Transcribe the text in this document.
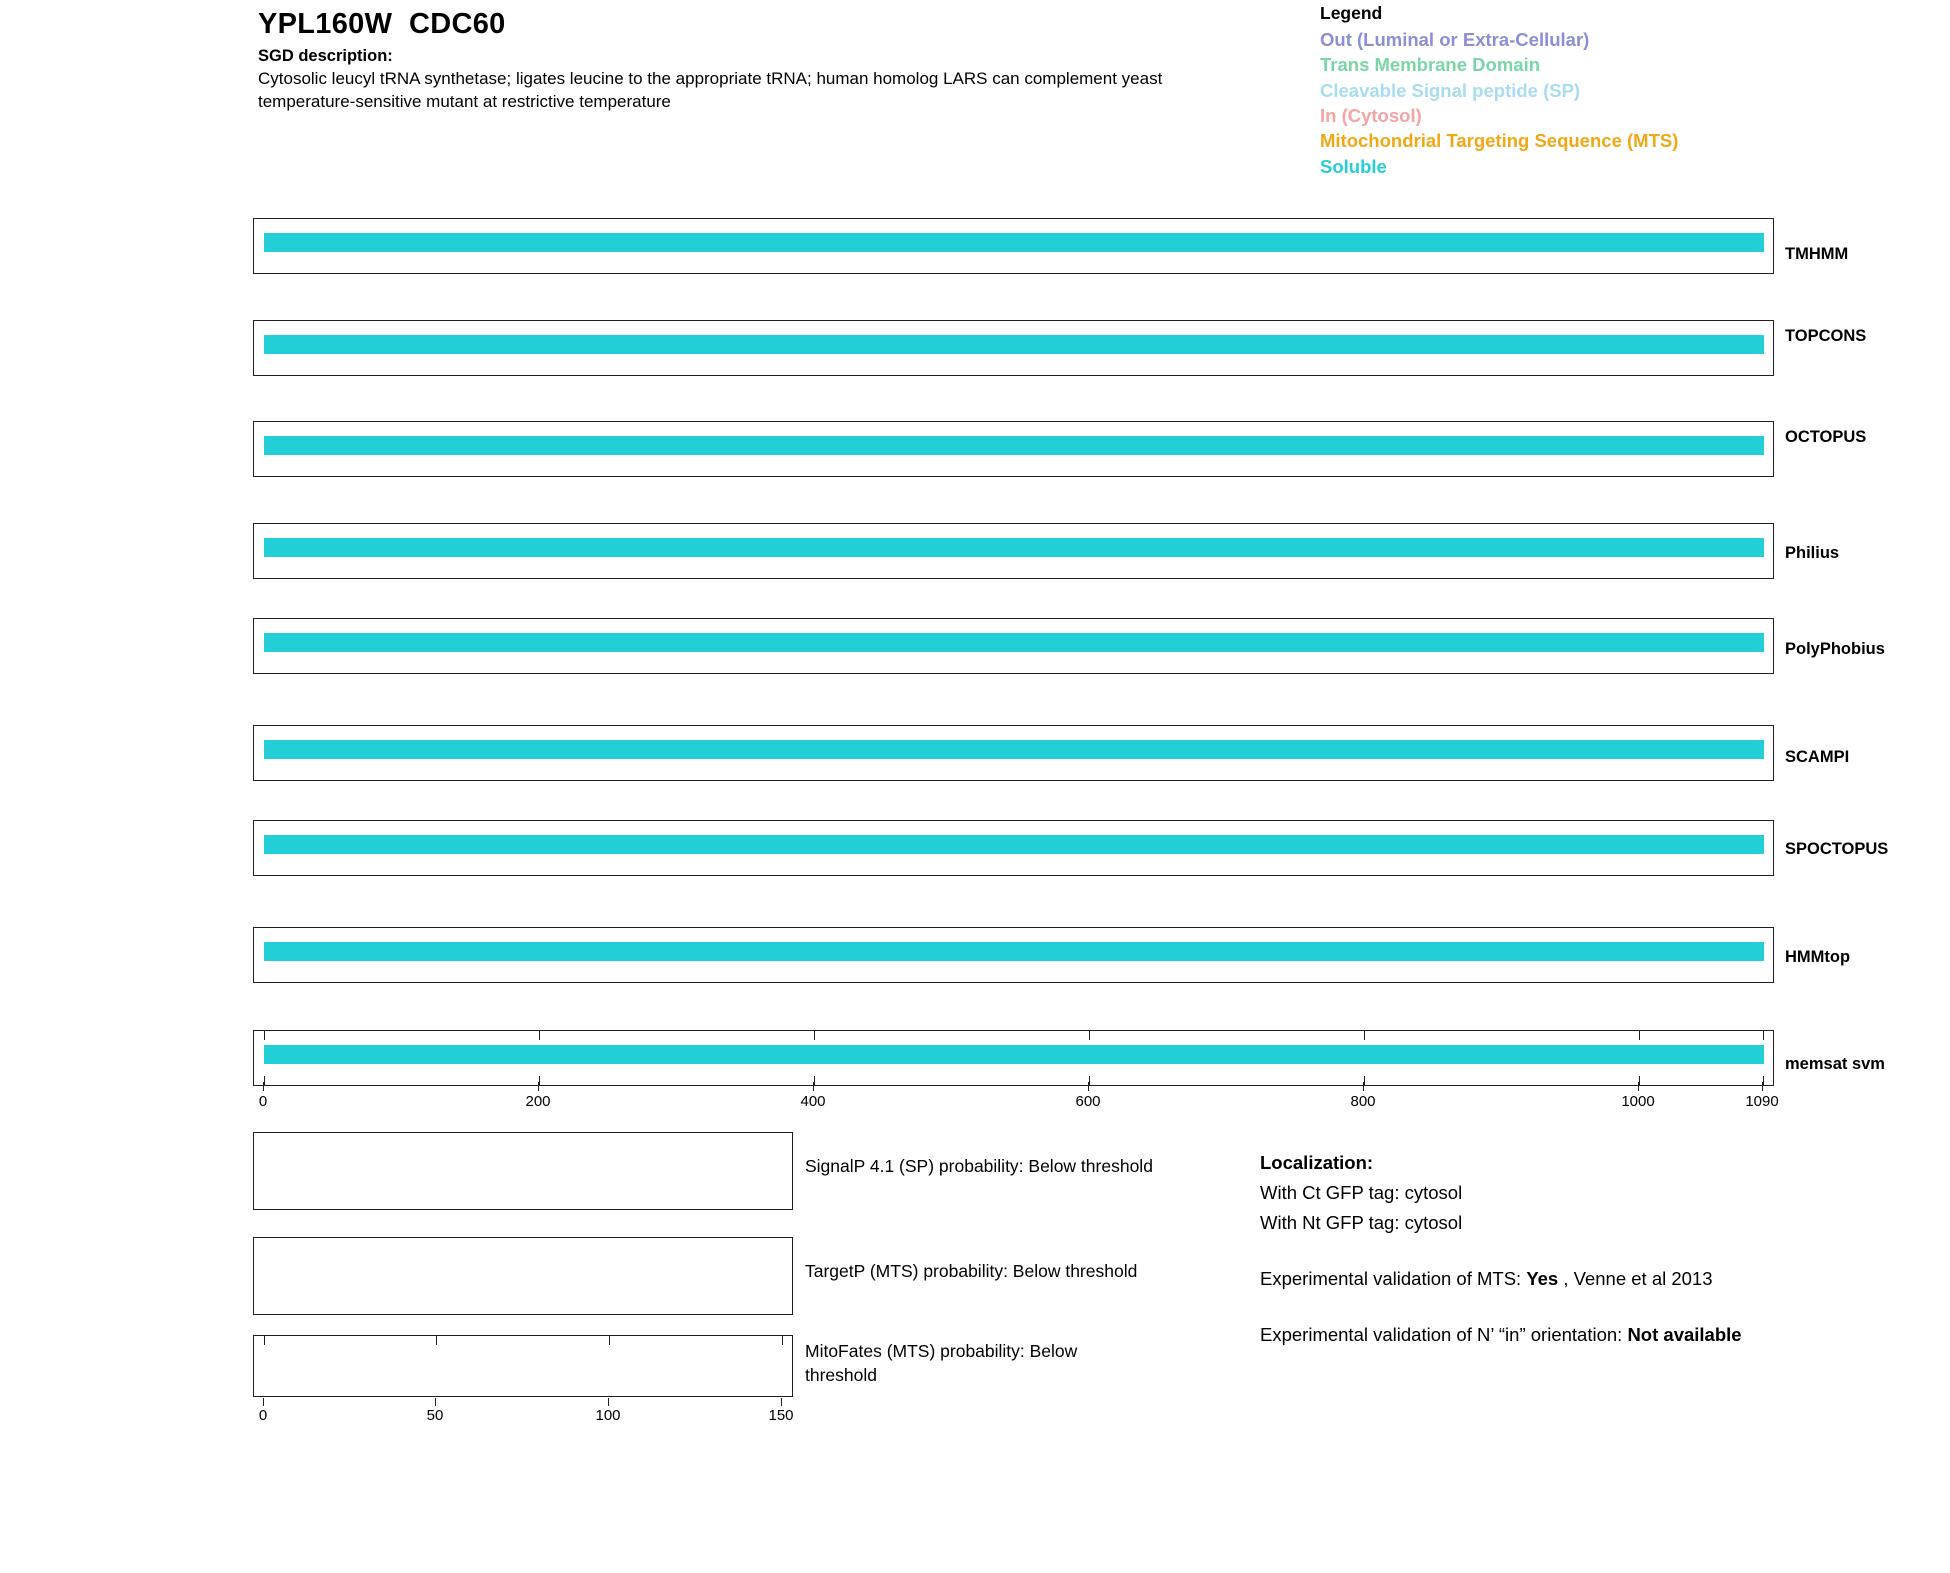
YPL160W  CDC60
SGD description:
Cytosolic leucyl tRNA synthetase; ligates leucine to the appropriate tRNA; human homolog LARS can complement yeast temperature-sensitive mutant at restrictive temperature
Legend
Out (Luminal or Extra-Cellular)
Trans Membrane Domain
Cleavable Signal peptide (SP)
In (Cytosol)
Mitochondrial Targeting Sequence (MTS)
Soluble
TMHMM
TOPCONS
OCTOPUS
Philius
PolyPhobius
SCAMPI
SPOCTOPUS
HMMtop
memsat svm
0	200	400	600	800	1000	1090
SignalP 4.1 (SP) probability: Below threshold
TargetP (MTS) probability: Below threshold
MitoFates (MTS) probability: Below threshold
0	50	100	150
Localization:
With Ct GFP tag: cytosol
With Nt GFP tag: cytosol
Experimental validation of MTS: Yes , Venne et al 2013
Experimental validation of N’ “in” orientation: Not available
